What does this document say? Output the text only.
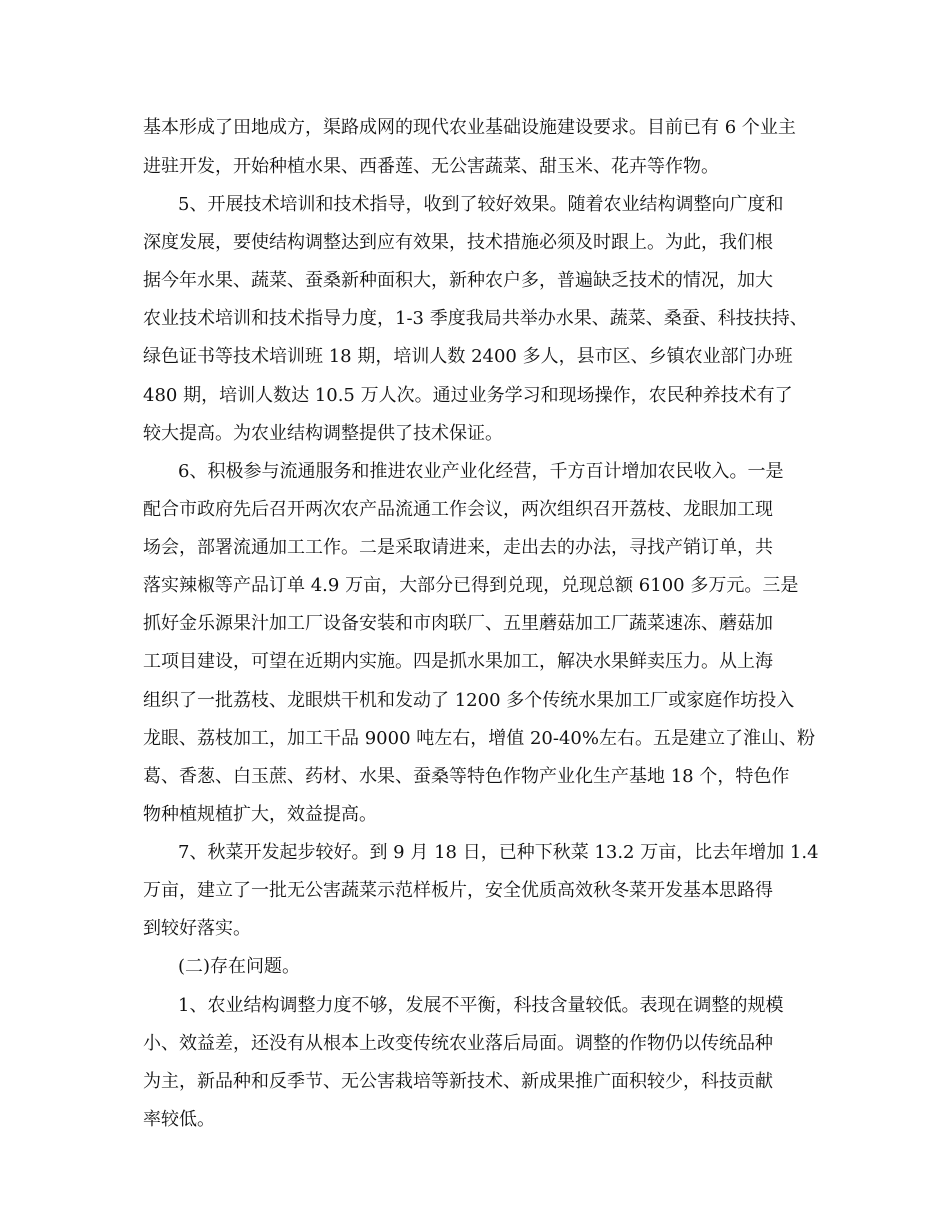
基本形成了田地成方，渠路成网的现代农业基础设施建设要求。目前已有 6 个业主
进驻开发，开始种植水果、西番莲、无公害蔬菜、甜玉米、花卉等作物。
5、开展技术培训和技术指导，收到了较好效果。随着农业结构调整向广度和
深度发展，要使结构调整达到应有效果，技术措施必须及时跟上。为此，我们根
据今年水果、蔬菜、蚕桑新种面积大，新种农户多，普遍缺乏技术的情况，加大
农业技术培训和技术指导力度，1-3 季度我局共举办水果、蔬菜、桑蚕、科技扶持、
绿色证书等技术培训班 18 期，培训人数 2400 多人，县市区、乡镇农业部门办班
480 期，培训人数达 10.5 万人次。通过业务学习和现场操作，农民种养技术有了
较大提高。为农业结构调整提供了技术保证。
6、积极参与流通服务和推进农业产业化经营，千方百计增加农民收入。一是
配合市政府先后召开两次农产品流通工作会议，两次组织召开荔枝、龙眼加工现
场会，部署流通加工工作。二是采取请进来，走出去的办法，寻找产销订单，共
落实辣椒等产品订单 4.9 万亩，大部分已得到兑现，兑现总额 6100 多万元。三是
抓好金乐源果汁加工厂设备安装和市肉联厂、五里蘑菇加工厂蔬菜速冻、蘑菇加
工项目建设，可望在近期内实施。四是抓水果加工，解决水果鲜卖压力。从上海
组织了一批荔枝、龙眼烘干机和发动了 1200 多个传统水果加工厂或家庭作坊投入
龙眼、荔枝加工，加工干品 9000 吨左右，增值 20-40%左右。五是建立了淮山、粉
葛、香葱、白玉蔗、药材、水果、蚕桑等特色作物产业化生产基地 18 个，特色作
物种植规植扩大，效益提高。
7、秋菜开发起步较好。到 9 月 18 日，已种下秋菜 13.2 万亩，比去年增加 1.4
万亩，建立了一批无公害蔬菜示范样板片，安全优质高效秋冬菜开发基本思路得
到较好落实。
(二)存在问题。
1、农业结构调整力度不够，发展不平衡，科技含量较低。表现在调整的规模
小、效益差，还没有从根本上改变传统农业落后局面。调整的作物仍以传统品种
为主，新品种和反季节、无公害栽培等新技术、新成果推广面积较少，科技贡献
率较低。
